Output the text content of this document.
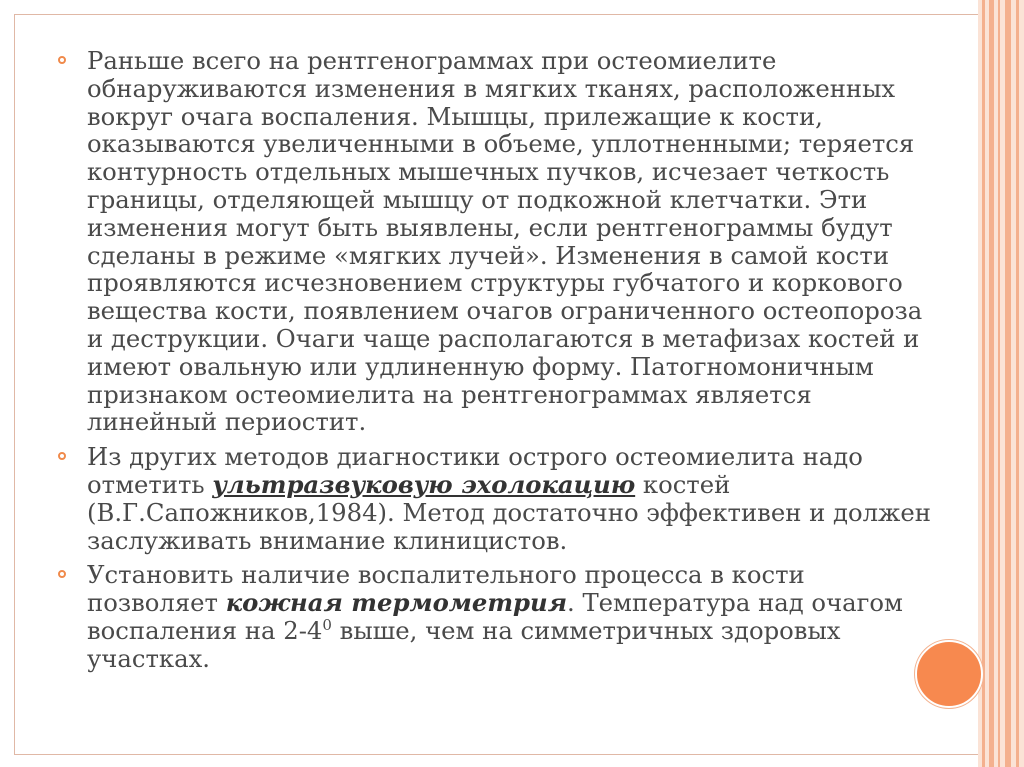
Раньше всего на рентгенограммах при остеомиелите обнаруживаются изменения в мягких тканях, расположенных вокруг очага воспаления. Мышцы, прилежащие к кости, оказываются увеличенными в объеме, уплотненными; теряется контурность отдельных мышечных пучков, исчезает четкость границы, отделяющей мышцу от подкожной клетчатки. Эти изменения могут быть выявлены, если рентгенограммы будут сделаны в режиме «мягких лучей». Изменения в самой кости проявляются исчезновением структуры губчатого и коркового вещества кости, появлением очагов ограниченного остеопороза и деструкции. Очаги чаще располагаются в метафизах костей и имеют овальную или удлиненную форму. Патогномоничным признаком остеомиелита на рентгенограммах является линейный периостит.
Из других методов диагностики острого остеомиелита надо отметить ультразвуковую эхолокацию костей (В.Г.Сапожников,1984). Метод достаточно эффективен и должен заслуживать внимание клиницистов.
Установить наличие воспалительного процесса в кости позволяет кожная термометрия. Температура над очагом воспаления на $2-4^0$ выше, чем на симметричных здоровых участках.
